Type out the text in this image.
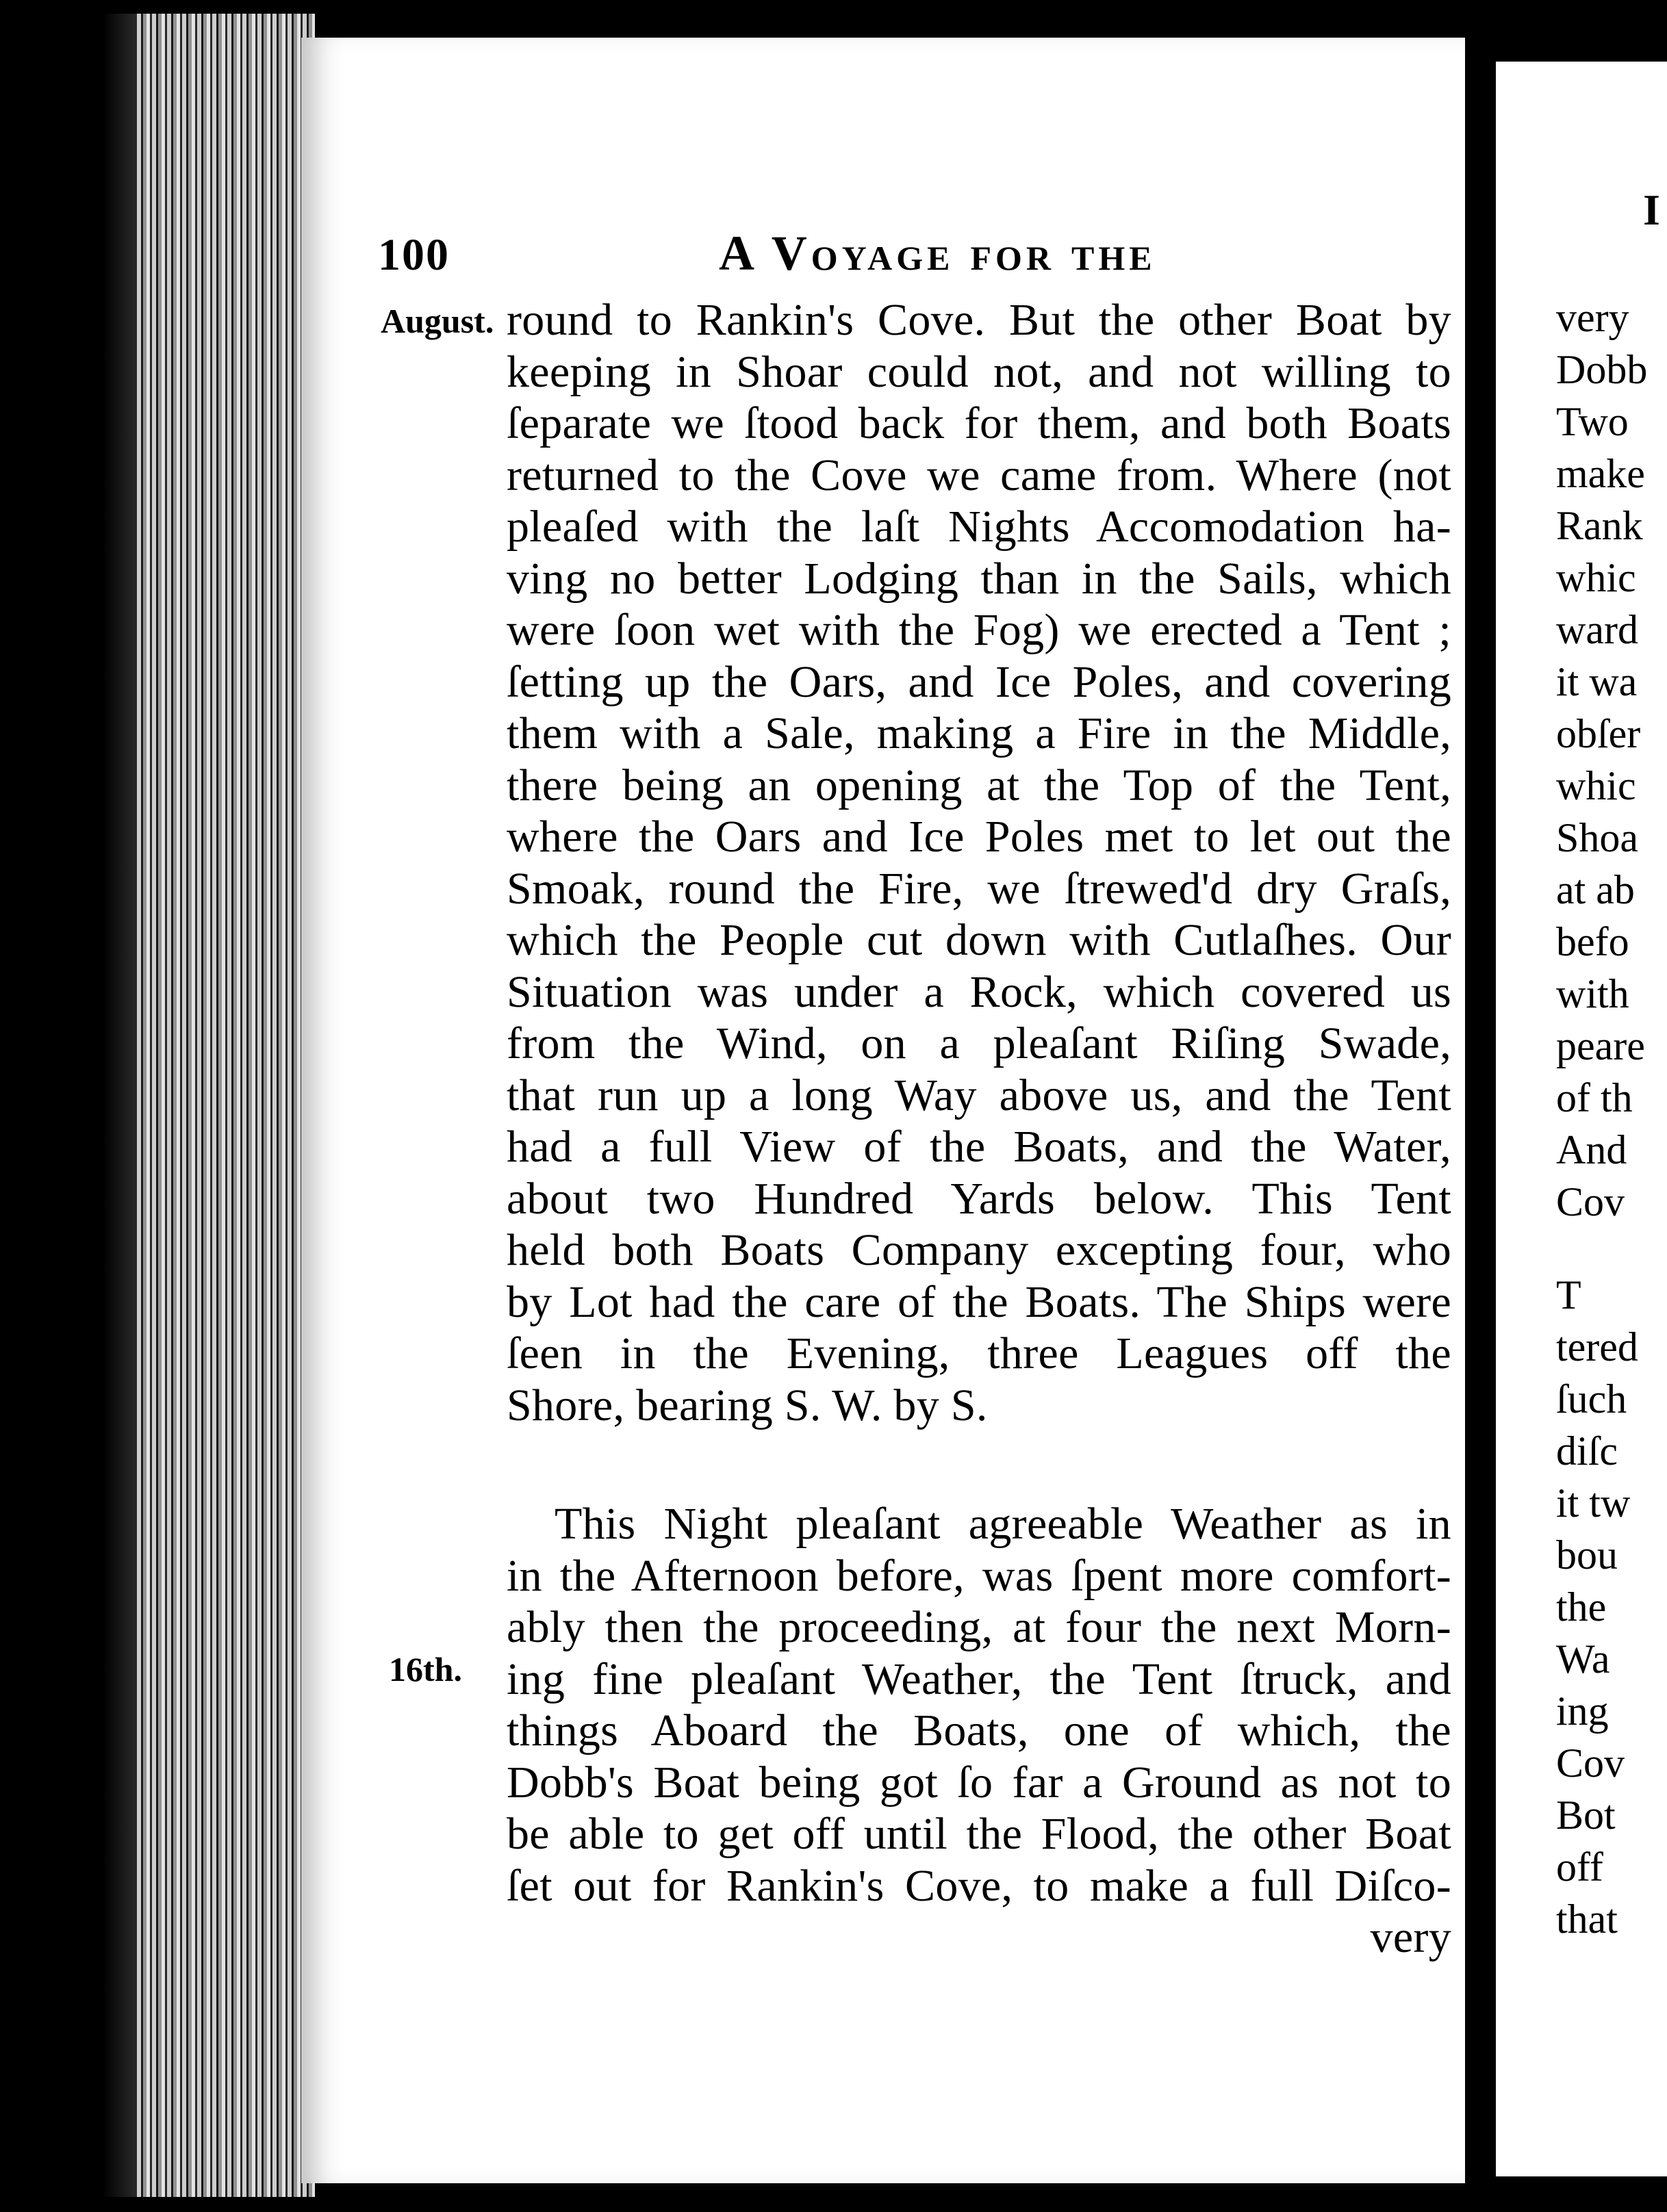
100	A Voyage for the
August.
16th.
round to Rankin's Cove. But the other Boat by
keeping in Shoar could not, and not willing to
ſeparate we ſtood back for them, and both Boats
returned to the Cove we came from. Where (not
pleaſed with the laſt Nights Accomodation ha-
ving no better Lodging than in the Sails, which
were ſoon wet with the Fog) we erected a Tent ;
ſetting up the Oars, and Ice Poles, and covering
them with a Sale, making a Fire in the Middle,
there being an opening at the Top of the Tent,
where the Oars and Ice Poles met to let out the
Smoak, round the Fire, we ſtrewed'd dry Graſs,
which the People cut down with Cutlaſhes. Our
Situation was under a Rock, which covered us
from the Wind, on a pleaſant Riſing Swade,
that run up a long Way above us, and the Tent
had a full View of the Boats, and the Water,
about two Hundred Yards below. This Tent
held both Boats Company excepting four, who
by Lot had the care of the Boats. The Ships were
ſeen in the Evening, three Leagues off the
Shore, bearing S. W. by S.
This Night pleaſant agreeable Weather as in
in the Afternoon before, was ſpent more comfort-
ably then the proceeding, at four the next Morn-
ing fine pleaſant Weather, the Tent ſtruck, and
things Aboard the Boats, one of which, the
Dobb's Boat being got ſo far a Ground as not to
be able to get off until the Flood, the other Boat
ſet out for Rankin's Cove, to make a full Diſco-
very
I
very
Dobb
Two
make
Rank
whic
ward
it wa
obſer
whic
Shoa
at ab
befo
with
peare
of th
And
Cov
T
tered
ſuch
diſc
it tw
bou
the
Wa
ing
Cov
Bot
off
that
